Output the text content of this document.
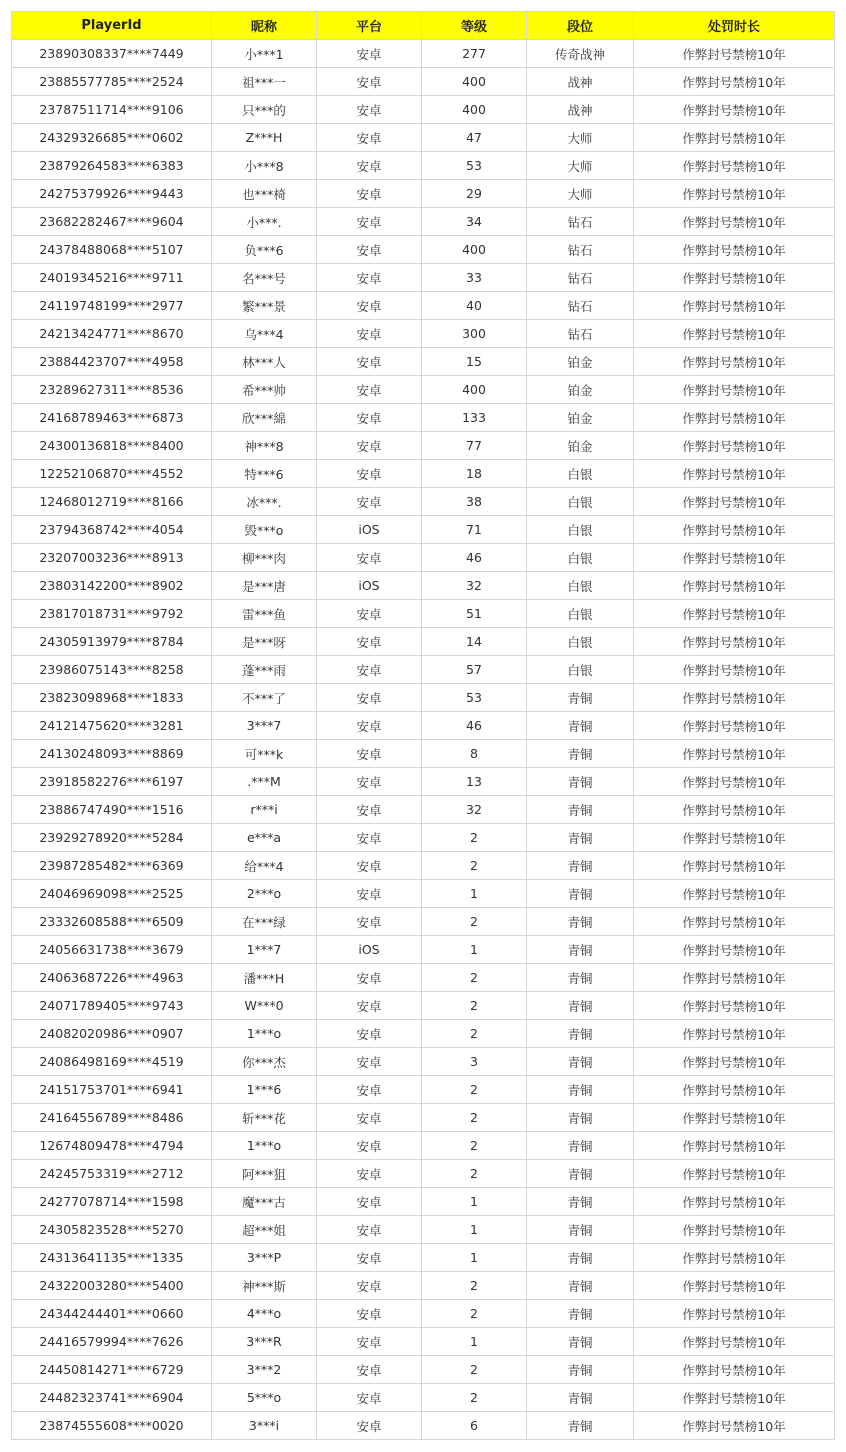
PlayerId	昵称	平台	等级	段位	处罚时长
23890308337****7449	小***1	安卓	277	传奇战神	作弊封号禁榜10年
23885577785****2524	祖***一	安卓	400	战神	作弊封号禁榜10年
23787511714****9106	只***的	安卓	400	战神	作弊封号禁榜10年
24329326685****0602	Z***H	安卓	47	大师	作弊封号禁榜10年
23879264583****6383	小***8	安卓	53	大师	作弊封号禁榜10年
24275379926****9443	也***椅	安卓	29	大师	作弊封号禁榜10年
23682282467****9604	小***.	安卓	34	钻石	作弊封号禁榜10年
24378488068****5107	负***6	安卓	400	钻石	作弊封号禁榜10年
24019345216****9711	名***号	安卓	33	钻石	作弊封号禁榜10年
24119748199****2977	繁***景	安卓	40	钻石	作弊封号禁榜10年
24213424771****8670	乌***4	安卓	300	钻石	作弊封号禁榜10年
23884423707****4958	林***人	安卓	15	铂金	作弊封号禁榜10年
23289627311****8536	希***帅	安卓	400	铂金	作弊封号禁榜10年
24168789463****6873	欣***綿	安卓	133	铂金	作弊封号禁榜10年
24300136818****8400	神***8	安卓	77	铂金	作弊封号禁榜10年
12252106870****4552	特***6	安卓	18	白银	作弊封号禁榜10年
12468012719****8166	冰***.	安卓	38	白银	作弊封号禁榜10年
23794368742****4054	毁***o	iOS	71	白银	作弊封号禁榜10年
23207003236****8913	柳***肉	安卓	46	白银	作弊封号禁榜10年
23803142200****8902	是***唐	iOS	32	白银	作弊封号禁榜10年
23817018731****9792	雷***鱼	安卓	51	白银	作弊封号禁榜10年
24305913979****8784	是***呀	安卓	14	白银	作弊封号禁榜10年
23986075143****8258	蓬***雨	安卓	57	白银	作弊封号禁榜10年
23823098968****1833	不***了	安卓	53	青铜	作弊封号禁榜10年
24121475620****3281	3***7	安卓	46	青铜	作弊封号禁榜10年
24130248093****8869	可***k	安卓	8	青铜	作弊封号禁榜10年
23918582276****6197	.***M	安卓	13	青铜	作弊封号禁榜10年
23886747490****1516	r***i	安卓	32	青铜	作弊封号禁榜10年
23929278920****5284	e***a	安卓	2	青铜	作弊封号禁榜10年
23987285482****6369	给***4	安卓	2	青铜	作弊封号禁榜10年
24046969098****2525	2***o	安卓	1	青铜	作弊封号禁榜10年
23332608588****6509	在***绿	安卓	2	青铜	作弊封号禁榜10年
24056631738****3679	1***7	iOS	1	青铜	作弊封号禁榜10年
24063687226****4963	潘***H	安卓	2	青铜	作弊封号禁榜10年
24071789405****9743	W***0	安卓	2	青铜	作弊封号禁榜10年
24082020986****0907	1***o	安卓	2	青铜	作弊封号禁榜10年
24086498169****4519	你***杰	安卓	3	青铜	作弊封号禁榜10年
24151753701****6941	1***6	安卓	2	青铜	作弊封号禁榜10年
24164556789****8486	斩***花	安卓	2	青铜	作弊封号禁榜10年
12674809478****4794	1***o	安卓	2	青铜	作弊封号禁榜10年
24245753319****2712	阿***狙	安卓	2	青铜	作弊封号禁榜10年
24277078714****1598	魔***古	安卓	1	青铜	作弊封号禁榜10年
24305823528****5270	超***姐	安卓	1	青铜	作弊封号禁榜10年
24313641135****1335	3***P	安卓	1	青铜	作弊封号禁榜10年
24322003280****5400	神***斯	安卓	2	青铜	作弊封号禁榜10年
24344244401****0660	4***o	安卓	2	青铜	作弊封号禁榜10年
24416579994****7626	3***R	安卓	1	青铜	作弊封号禁榜10年
24450814271****6729	3***2	安卓	2	青铜	作弊封号禁榜10年
24482323741****6904	5***o	安卓	2	青铜	作弊封号禁榜10年
23874555608****0020	3***i	安卓	6	青铜	作弊封号禁榜10年
